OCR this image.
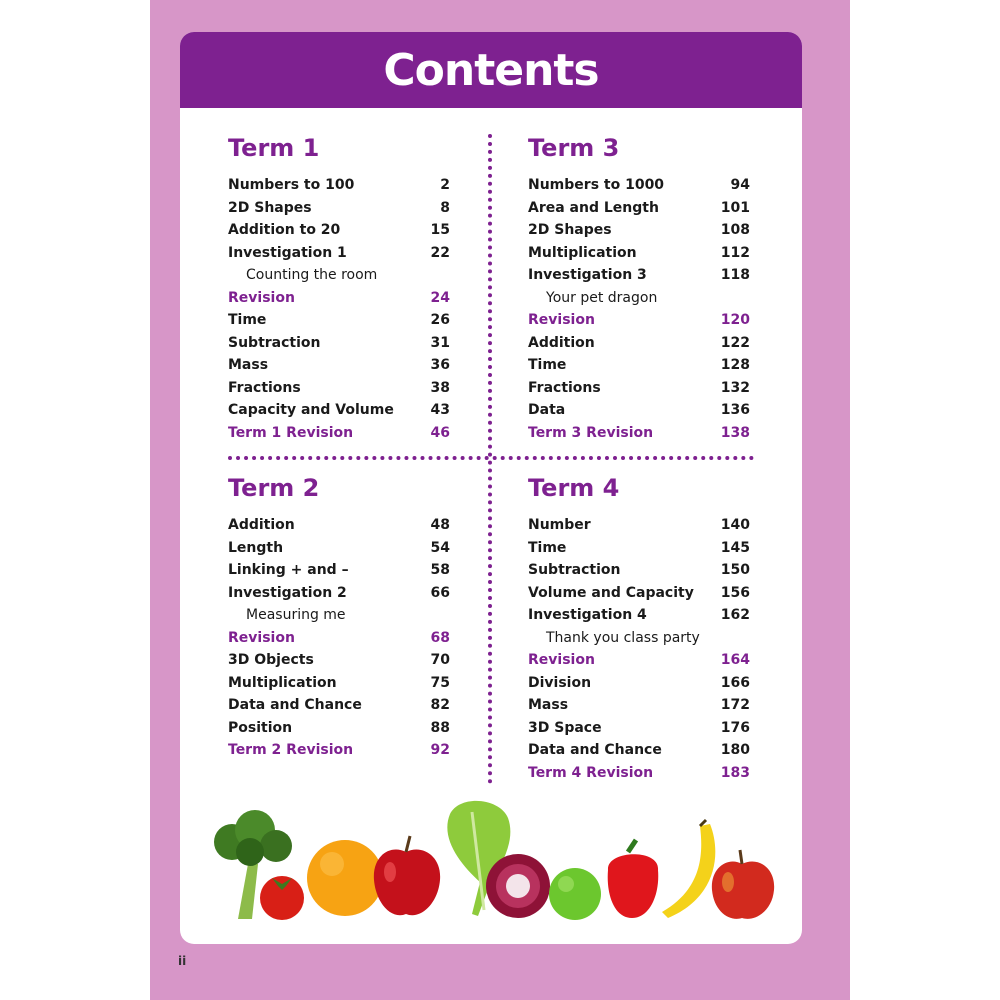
Contents
Term 1
Numbers to 100	2
2D Shapes	8
Addition to 20	15
Investigation 1	22
Counting the room
Revision	24
Time	26
Subtraction	31
Mass	36
Fractions	38
Capacity and Volume	43
Term 1 Revision	46
Term 3
Numbers to 1000	94
Area and Length	101
2D Shapes	108
Multiplication	112
Investigation 3	118
Your pet dragon
Revision	120
Addition	122
Time	128
Fractions	132
Data	136
Term 3 Revision	138
Term 2
Addition	48
Length	54
Linking + and –	58
Investigation 2	66
Measuring me
Revision	68
3D Objects	70
Multiplication	75
Data and Chance	82
Position	88
Term 2 Revision	92
Term 4
Number	140
Time	145
Subtraction	150
Volume and Capacity 156
Investigation 4	162
Thank you class party
Revision	164
Division	166
Mass	172
3D Space	176
Data and Chance	180
Term 4 Revision	183
ii
